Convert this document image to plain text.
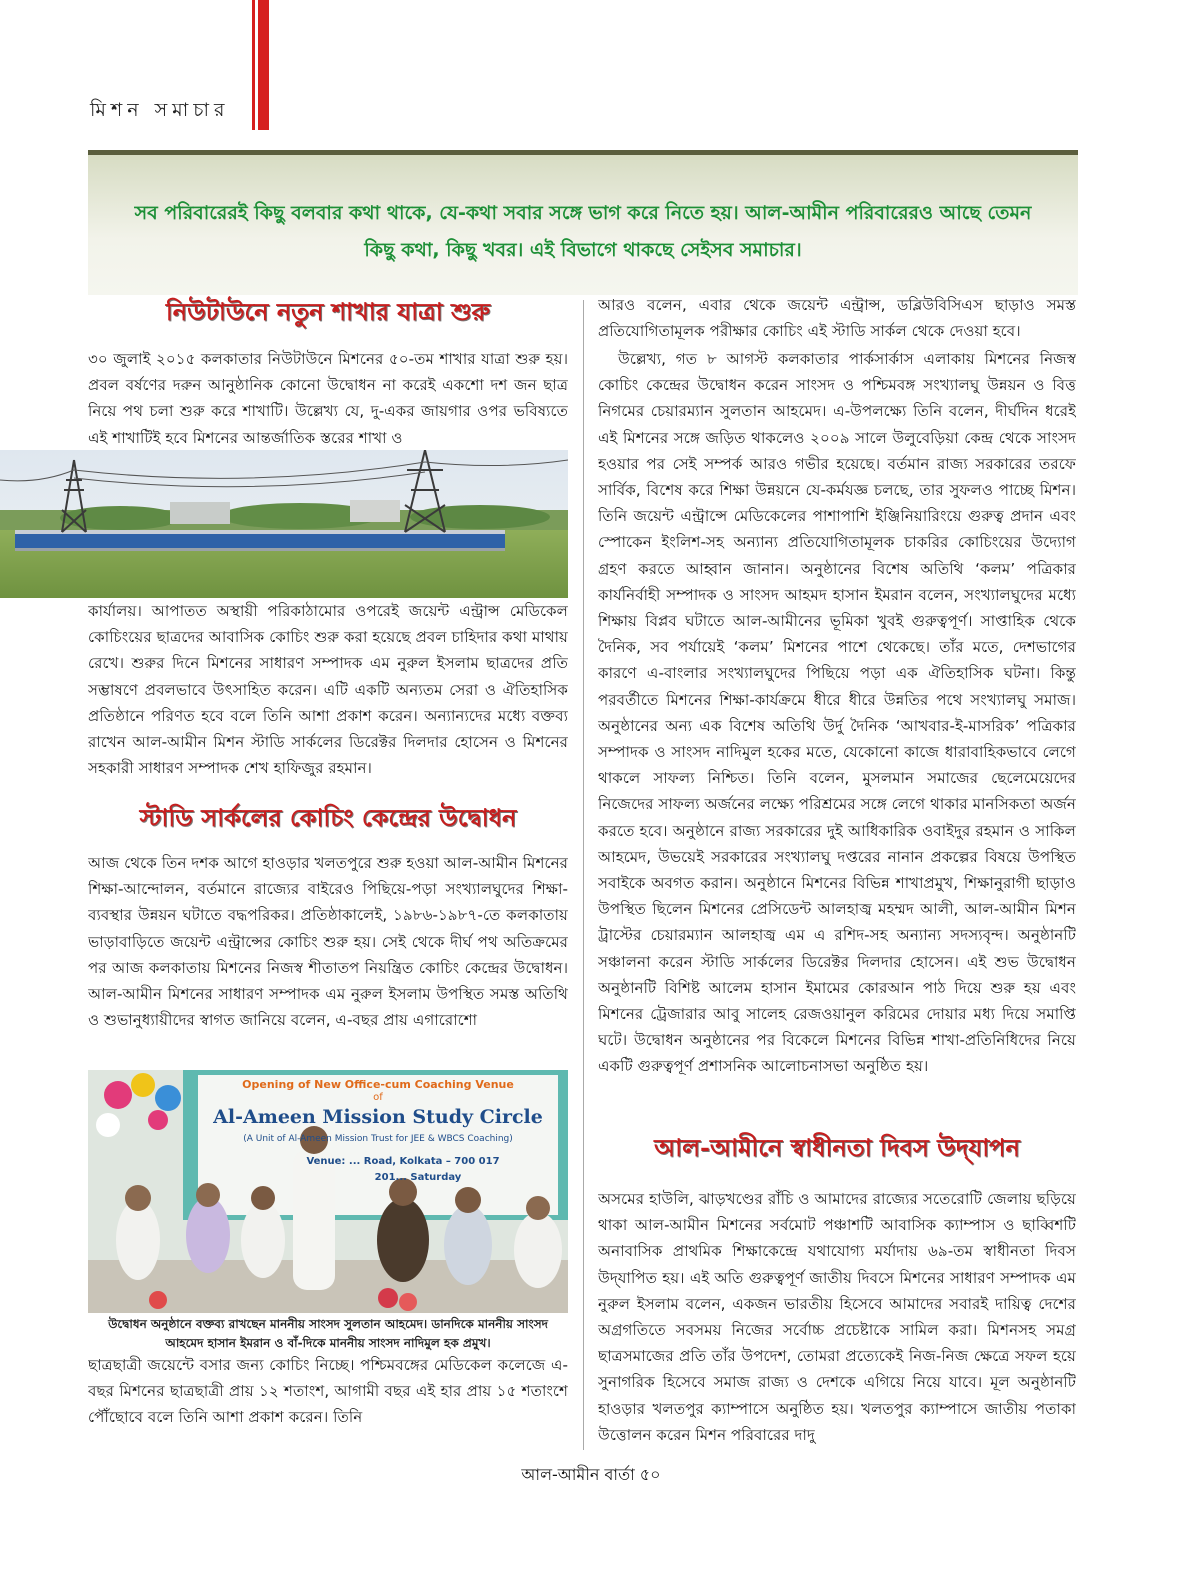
মিশন সমাচার

সব পরিবারেরই কিছু বলবার কথা থাকে, যে-কথা সবার সঙ্গে ভাগ করে নিতে হয়। আল-আমীন পরিবারেরও আছে তেমন কিছু কথা, কিছু খবর। এই বিভাগে থাকছে সেইসব সমাচার।

নিউটাউনে নতুন শাখার যাত্রা শুরু

৩০ জুলাই ২০১৫ কলকাতার নিউটাউনে মিশনের ৫০-তম শাখার যাত্রা শুরু হয়। প্রবল বর্ষণের দরুন আনুষ্ঠানিক কোনো উদ্বোধন না করেই একশো দশ জন ছাত্র নিয়ে পথ চলা শুরু করে শাখাটি। উল্লেখ্য যে, দু-একর জায়গার ওপর ভবিষ্যতে এই শাখাটিই হবে মিশনের আন্তর্জাতিক স্তরের শাখা ও

কার্যালয়। আপাতত অস্থায়ী পরিকাঠামোর ওপরেই জয়েন্ট এন্ট্রান্স মেডিকেল কোচিংয়ের ছাত্রদের আবাসিক কোচিং শুরু করা হয়েছে প্রবল চাহিদার কথা মাথায় রেখে। শুরুর দিনে মিশনের সাধারণ সম্পাদক এম নুরুল ইসলাম ছাত্রদের প্রতি সম্ভাষণে প্রবলভাবে উৎসাহিত করেন। এটি একটি অন্যতম সেরা ও ঐতিহাসিক প্রতিষ্ঠানে পরিণত হবে বলে তিনি আশা প্রকাশ করেন। অন্যান্যদের মধ্যে বক্তব্য রাখেন আল-আমীন মিশন স্টাডি সার্কলের ডিরেক্টর দিলদার হোসেন ও মিশনের সহকারী সাধারণ সম্পাদক শেখ হাফিজুর রহমান।

স্টাডি সার্কলের কোচিং কেন্দ্রের উদ্বোধন

আজ থেকে তিন দশক আগে হাওড়ার খলতপুরে শুরু হওয়া আল-আমীন মিশনের শিক্ষা-আন্দোলন, বর্তমানে রাজ্যের বাইরেও পিছিয়ে-পড়া সংখ্যালঘুদের শিক্ষা-ব্যবস্থার উন্নয়ন ঘটাতে বদ্ধপরিকর। প্রতিষ্ঠাকালেই, ১৯৮৬-১৯৮৭-তে কলকাতায় ভাড়াবাড়িতে জয়েন্ট এন্ট্রান্সের কোচিং শুরু হয়। সেই থেকে দীর্ঘ পথ অতিক্রমের পর আজ কলকাতায় মিশনের নিজস্ব শীতাতপ নিয়ন্ত্রিত কোচিং কেন্দ্রের উদ্বোধন। আল-আমীন মিশনের সাধারণ সম্পাদক এম নুরুল ইসলাম উপস্থিত সমস্ত অতিথি ও শুভানুধ্যায়ীদের স্বাগত জানিয়ে বলেন, এ-বছর প্রায় এগারোশো

Opening of New Office-cum Coaching Venue
of
Al-Ameen Mission Study Circle
(A Unit of Al-Ameen Mission Trust for JEE & WBCS Coaching)
Venue: ... Road, Kolkata – 700 017
201... Saturday
উদ্বোধন অনুষ্ঠানে বক্তব্য রাখছেন মাননীয় সাংসদ সুলতান আহমেদ। ডানদিকে মাননীয় সাংসদ আহমেদ হাসান ইমরান ও বাঁ-দিকে মাননীয় সাংসদ নাদিমুল হক প্রমুখ।

ছাত্রছাত্রী জয়েন্টে বসার জন্য কোচিং নিচ্ছে। পশ্চিমবঙ্গের মেডিকেল কলেজে এ-বছর মিশনের ছাত্রছাত্রী প্রায় ১২ শতাংশ, আগামী বছর এই হার প্রায় ১৫ শতাংশে পৌঁছোবে বলে তিনি আশা প্রকাশ করেন। তিনি

আরও বলেন, এবার থেকে জয়েন্ট এন্ট্রান্স, ডব্লিউবিসিএস ছাড়াও সমস্ত প্রতিযোগিতামূলক পরীক্ষার কোচিং এই স্টাডি সার্কল থেকে দেওয়া হবে।

উল্লেখ্য, গত ৮ আগস্ট কলকাতার পার্কসার্কাস এলাকায় মিশনের নিজস্ব কোচিং কেন্দ্রের উদ্বোধন করেন সাংসদ ও পশ্চিমবঙ্গ সংখ্যালঘু উন্নয়ন ও বিত্ত নিগমের চেয়ারম্যান সুলতান আহমেদ। এ-উপলক্ষ্যে তিনি বলেন, দীর্ঘদিন ধরেই এই মিশনের সঙ্গে জড়িত থাকলেও ২০০৯ সালে উলুবেড়িয়া কেন্দ্র থেকে সাংসদ হওয়ার পর সেই সম্পর্ক আরও গভীর হয়েছে। বর্তমান রাজ্য সরকারের তরফে সার্বিক, বিশেষ করে শিক্ষা উন্নয়নে যে-কর্মযজ্ঞ চলছে, তার সুফলও পাচ্ছে মিশন। তিনি জয়েন্ট এন্ট্রান্সে মেডিকেলের পাশাপাশি ইঞ্জিনিয়ারিংয়ে গুরুত্ব প্রদান এবং স্পোকেন ইংলিশ-সহ অন্যান্য প্রতিযোগিতামূলক চাকরির কোচিংয়ের উদ্যোগ গ্রহণ করতে আহ্বান জানান। অনুষ্ঠানের বিশেষ অতিথি ‘কলম’ পত্রিকার কার্যনির্বাহী সম্পাদক ও সাংসদ আহমদ হাসান ইমরান বলেন, সংখ্যালঘুদের মধ্যে শিক্ষায় বিপ্লব ঘটাতে আল-আমীনের ভূমিকা খুবই গুরুত্বপূর্ণ। সাপ্তাহিক থেকে দৈনিক, সব পর্যায়েই ‘কলম’ মিশনের পাশে থেকেছে। তাঁর মতে, দেশভাগের কারণে এ-বাংলার সংখ্যালঘুদের পিছিয়ে পড়া এক ঐতিহাসিক ঘটনা। কিন্তু পরবর্তীতে মিশনের শিক্ষা-কার্যক্রমে ধীরে ধীরে উন্নতির পথে সংখ্যালঘু সমাজ। অনুষ্ঠানের অন্য এক বিশেষ অতিথি উর্দু দৈনিক ‘আখবার-ই-মাসরিক’ পত্রিকার সম্পাদক ও সাংসদ নাদিমুল হকের মতে, যেকোনো কাজে ধারাবাহিকভাবে লেগে থাকলে সাফল্য নিশ্চিত। তিনি বলেন, মুসলমান সমাজের ছেলেমেয়েদের নিজেদের সাফল্য অর্জনের লক্ষ্যে পরিশ্রমের সঙ্গে লেগে থাকার মানসিকতা অর্জন করতে হবে। অনুষ্ঠানে রাজ্য সরকারের দুই আধিকারিক ওবাইদুর রহমান ও সাকিল আহমেদ, উভয়েই সরকারের সংখ্যালঘু দপ্তরের নানান প্রকল্পের বিষয়ে উপস্থিত সবাইকে অবগত করান। অনুষ্ঠানে মিশনের বিভিন্ন শাখাপ্রমুখ, শিক্ষানুরাগী ছাড়াও উপস্থিত ছিলেন মিশনের প্রেসিডেন্ট আলহাজ্ব মহম্মদ আলী, আল-আমীন মিশন ট্রাস্টের চেয়ারম্যান আলহাজ্ব এম এ রশিদ-সহ অন্যান্য সদস্যবৃন্দ। অনুষ্ঠানটি সঞ্চালনা করেন স্টাডি সার্কলের ডিরেক্টর দিলদার হোসেন। এই শুভ উদ্বোধন অনুষ্ঠানটি বিশিষ্ট আলেম হাসান ইমামের কোরআন পাঠ দিয়ে শুরু হয় এবং মিশনের ট্রেজারার আবু সালেহ রেজওয়ানুল করিমের দোয়ার মধ্য দিয়ে সমাপ্তি ঘটে। উদ্বোধন অনুষ্ঠানের পর বিকেলে মিশনের বিভিন্ন শাখা-প্রতিনিধিদের নিয়ে একটি গুরুত্বপূর্ণ প্রশাসনিক আলোচনাসভা অনুষ্ঠিত হয়।

আল-আমীনে স্বাধীনতা দিবস উদ্‌যাপন

অসমের হাউলি, ঝাড়খণ্ডের রাঁচি ও আমাদের রাজ্যের সতেরোটি জেলায় ছড়িয়ে থাকা আল-আমীন মিশনের সর্বমোট পঞ্চাশটি আবাসিক ক্যাম্পাস ও ছাব্বিশটি অনাবাসিক প্রাথমিক শিক্ষাকেন্দ্রে যথাযোগ্য মর্যাদায় ৬৯-তম স্বাধীনতা দিবস উদ্‌যাপিত হয়। এই অতি গুরুত্বপূর্ণ জাতীয় দিবসে মিশনের সাধারণ সম্পাদক এম নুরুল ইসলাম বলেন, একজন ভারতীয় হিসেবে আমাদের সবারই দায়িত্ব দেশের অগ্রগতিতে সবসময় নিজের সর্বোচ্চ প্রচেষ্টাকে সামিল করা। মিশনসহ সমগ্র ছাত্রসমাজের প্রতি তাঁর উপদেশ, তোমরা প্রত্যেকেই নিজ-নিজ ক্ষেত্রে সফল হয়ে সুনাগরিক হিসেবে সমাজ রাজ্য ও দেশকে এগিয়ে নিয়ে যাবে। মূল অনুষ্ঠানটি হাওড়ার খলতপুর ক্যাম্পাসে অনুষ্ঠিত হয়। খলতপুর ক্যাম্পাসে জাতীয় পতাকা উত্তোলন করেন মিশন পরিবারের দাদু

আল-আমীন বার্তা ৫০
